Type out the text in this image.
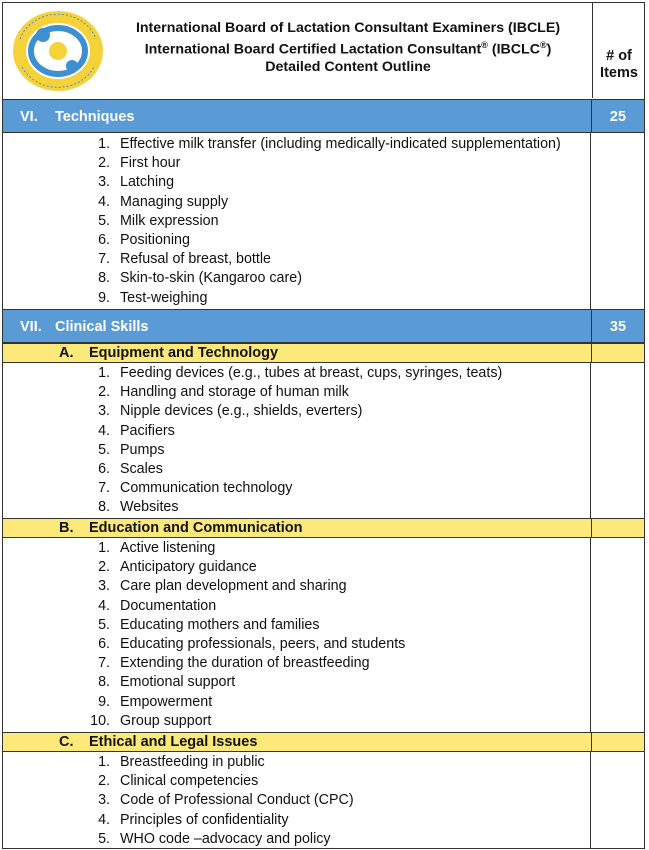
International Board of Lactation Consultant Examiners (IBCLE)
International Board Certified Lactation Consultant® (IBCLC®)
Detailed Content Outline
# of
Items
VI. Techniques	25
1. Effective milk transfer (including medically-indicated supplementation)
2. First hour
3. Latching
4. Managing supply
5. Milk expression
6. Positioning
7. Refusal of breast, bottle
8. Skin-to-skin (Kangaroo care)
9. Test-weighing
VII. Clinical Skills	35
A. Equipment and Technology
1. Feeding devices (e.g., tubes at breast, cups, syringes, teats)
2. Handling and storage of human milk
3. Nipple devices (e.g., shields, everters)
4. Pacifiers
5. Pumps
6. Scales
7. Communication technology
8. Websites
B. Education and Communication
1. Active listening
2. Anticipatory guidance
3. Care plan development and sharing
4. Documentation
5. Educating mothers and families
6. Educating professionals, peers, and students
7. Extending the duration of breastfeeding
8. Emotional support
9. Empowerment
10. Group support
C. Ethical and Legal Issues
1. Breastfeeding in public
2. Clinical competencies
3. Code of Professional Conduct (CPC)
4. Principles of confidentiality
5. WHO code –advocacy and policy
